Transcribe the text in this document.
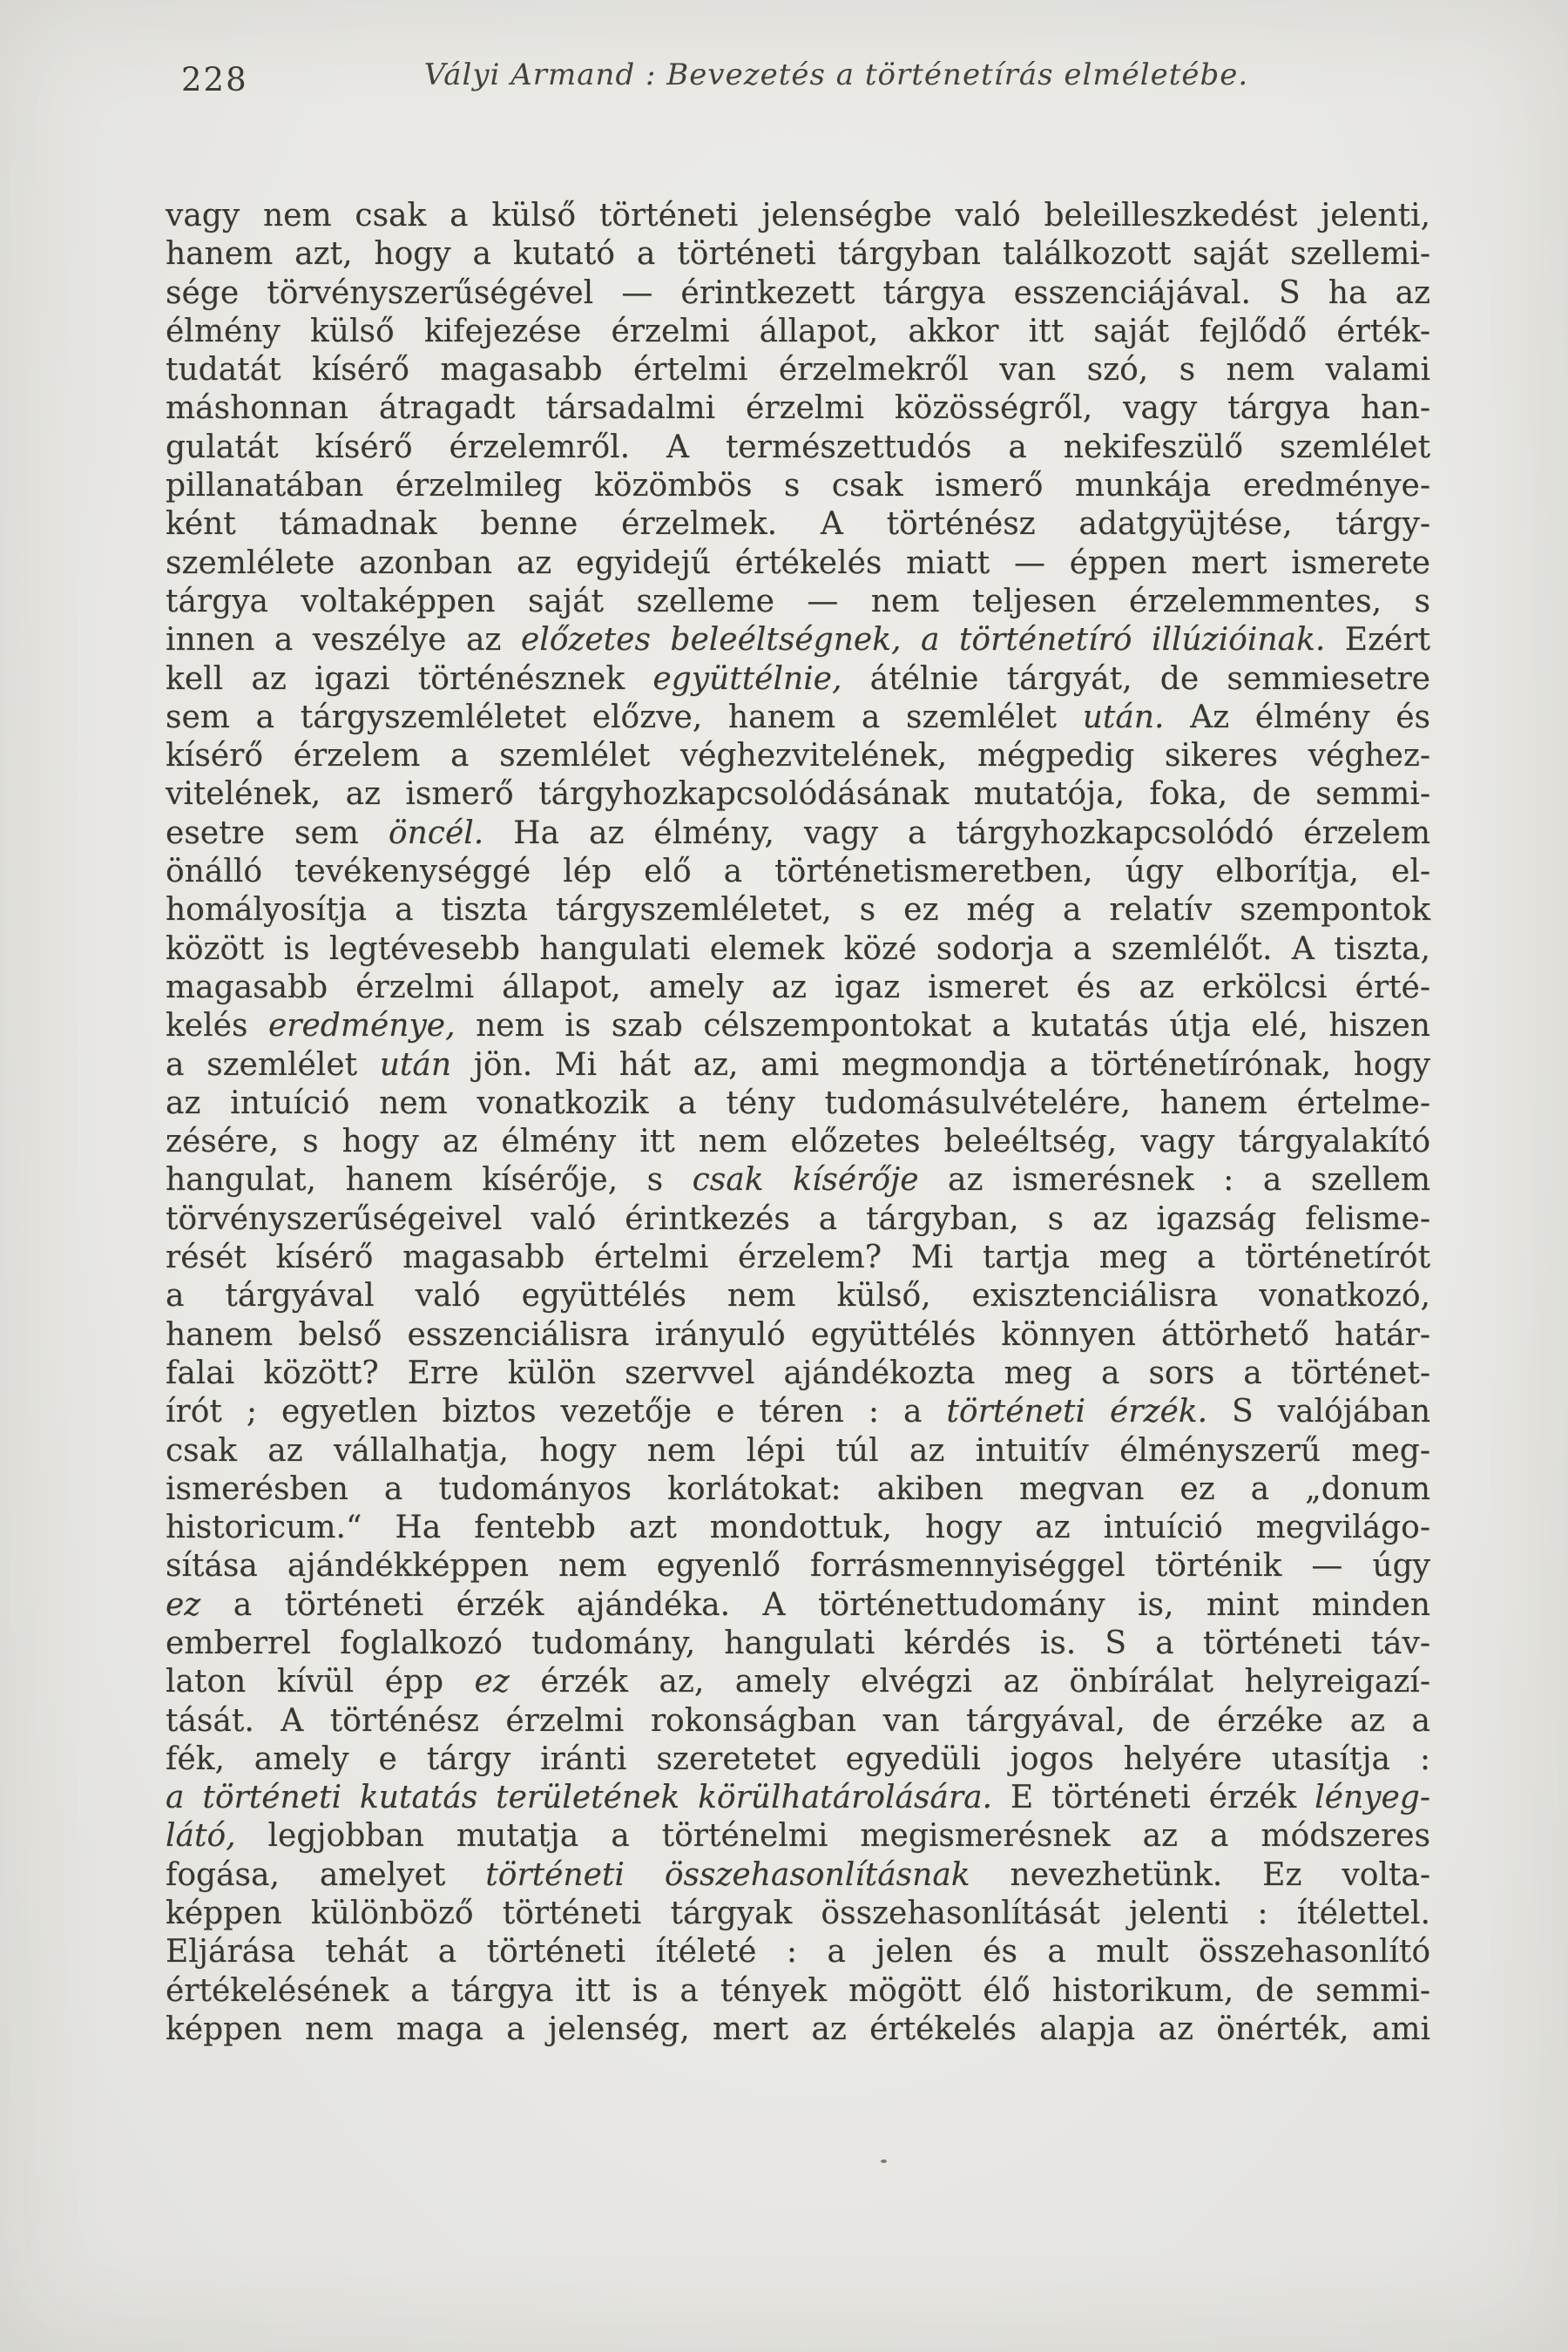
228	Vályi Armand : Bevezetés a történetírás elméletébe.
vagy nem csak a külső történeti jelenségbe való beleilleszkedést jelenti,
hanem azt, hogy a kutató a történeti tárgyban találkozott saját szellemi-
sége törvényszerűségével — érintkezett tárgya esszenciájával. S ha az
élmény külső kifejezése érzelmi állapot, akkor itt saját fejlődő érték-
tudatát kísérő magasabb értelmi érzelmekről van szó, s nem valami
máshonnan átragadt társadalmi érzelmi közösségről, vagy tárgya han-
gulatát kísérő érzelemről. A természettudós a nekifeszülő szemlélet
pillanatában érzelmileg közömbös s csak ismerő munkája eredménye-
ként támadnak benne érzelmek. A történész adatgyüjtése, tárgy-
szemlélete azonban az egyidejű értékelés miatt — éppen mert ismerete
tárgya voltaképpen saját szelleme — nem teljesen érzelemmentes, s
innen a veszélye az előzetes beleéltségnek, a történetíró illúzióinak. Ezért
kell az igazi történésznek együttélnie, átélnie tárgyát, de semmiesetre
sem a tárgyszemléletet előzve, hanem a szemlélet után. Az élmény és
kísérő érzelem a szemlélet véghezvitelének, mégpedig sikeres véghez-
vitelének, az ismerő tárgyhozkapcsolódásának mutatója, foka, de semmi-
esetre sem öncél. Ha az élmény, vagy a tárgyhozkapcsolódó érzelem
önálló tevékenységgé lép elő a történetismeretben, úgy elborítja, el-
homályosítja a tiszta tárgyszemléletet, s ez még a relatív szempontok
között is legtévesebb hangulati elemek közé sodorja a szemlélőt. A tiszta,
magasabb érzelmi állapot, amely az igaz ismeret és az erkölcsi érté-
kelés eredménye, nem is szab célszempontokat a kutatás útja elé, hiszen
a szemlélet után jön. Mi hát az, ami megmondja a történetírónak, hogy
az intuíció nem vonatkozik a tény tudomásulvételére, hanem értelme-
zésére, s hogy az élmény itt nem előzetes beleéltség, vagy tárgyalakító
hangulat, hanem kísérője, s csak kísérője az ismerésnek : a szellem
törvényszerűségeivel való érintkezés a tárgyban, s az igazság felisme-
rését kísérő magasabb értelmi érzelem? Mi tartja meg a történetírót
a tárgyával való együttélés nem külső, exisztenciálisra vonatkozó,
hanem belső esszenciálisra irányuló együttélés könnyen áttörhető határ-
falai között? Erre külön szervvel ajándékozta meg a sors a történet-
írót ; egyetlen biztos vezetője e téren : a történeti érzék. S valójában
csak az vállalhatja, hogy nem lépi túl az intuitív élményszerű meg-
ismerésben a tudományos korlátokat: akiben megvan ez a „donum
historicum.“ Ha fentebb azt mondottuk, hogy az intuíció megvilágo-
sítása ajándékképpen nem egyenlő forrásmennyiséggel történik — úgy
ez a történeti érzék ajándéka. A történettudomány is, mint minden
emberrel foglalkozó tudomány, hangulati kérdés is. S a történeti táv-
laton kívül épp ez érzék az, amely elvégzi az önbírálat helyreigazí-
tását. A történész érzelmi rokonságban van tárgyával, de érzéke az a
fék, amely e tárgy iránti szeretetet egyedüli jogos helyére utasítja :
a történeti kutatás területének körülhatárolására. E történeti érzék lényeg-
látó, legjobban mutatja a történelmi megismerésnek az a módszeres
fogása, amelyet történeti összehasonlításnak nevezhetünk. Ez volta-
képpen különböző történeti tárgyak összehasonlítását jelenti : ítélettel.
Eljárása tehát a történeti ítéleté : a jelen és a mult összehasonlító
értékelésének a tárgya itt is a tények mögött élő historikum, de semmi-
képpen nem maga a jelenség, mert az értékelés alapja az önérték, ami
